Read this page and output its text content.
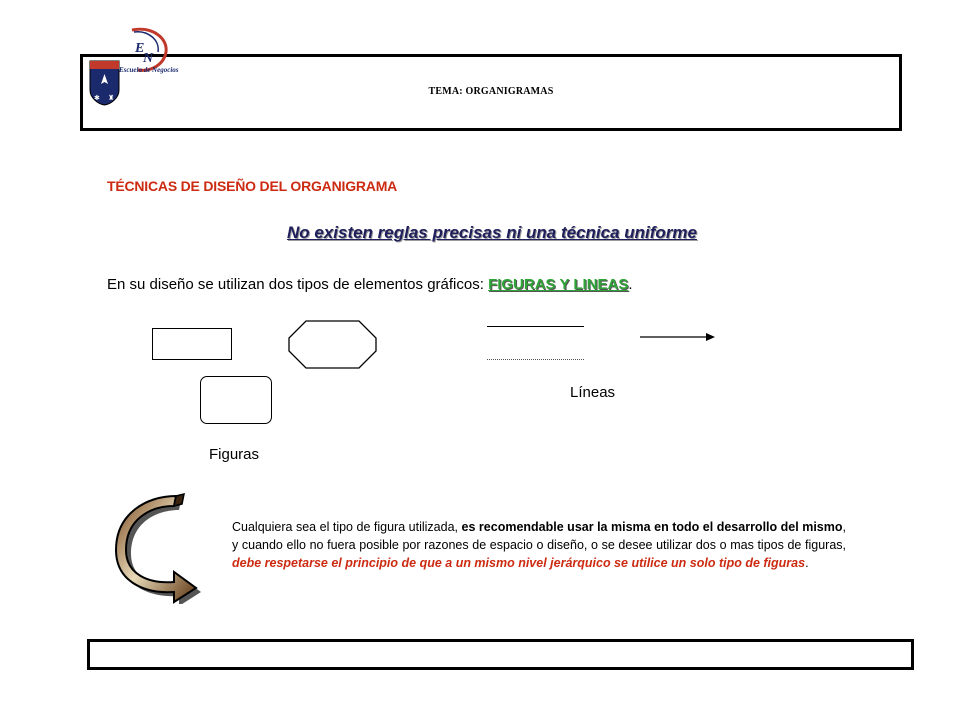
E
N
✱ ♜
Escuela de Negocios
TEMA: ORGANIGRAMAS
TÉCNICAS DE DISEÑO DEL ORGANIGRAMA
No existen reglas precisas ni una técnica uniforme
En su diseño se utilizan dos tipos de elementos gráficos: FIGURAS Y LINEAS.
Figuras
Líneas
Cualquiera sea el tipo de figura utilizada, es recomendable usar la misma en todo el desarrollo del mismo, y cuando ello no fuera posible por razones de espacio o diseño, o se desee utilizar dos o mas tipos de figuras, debe respetarse el principio de que a un mismo nivel jerárquico se utilice un solo tipo de figuras.
